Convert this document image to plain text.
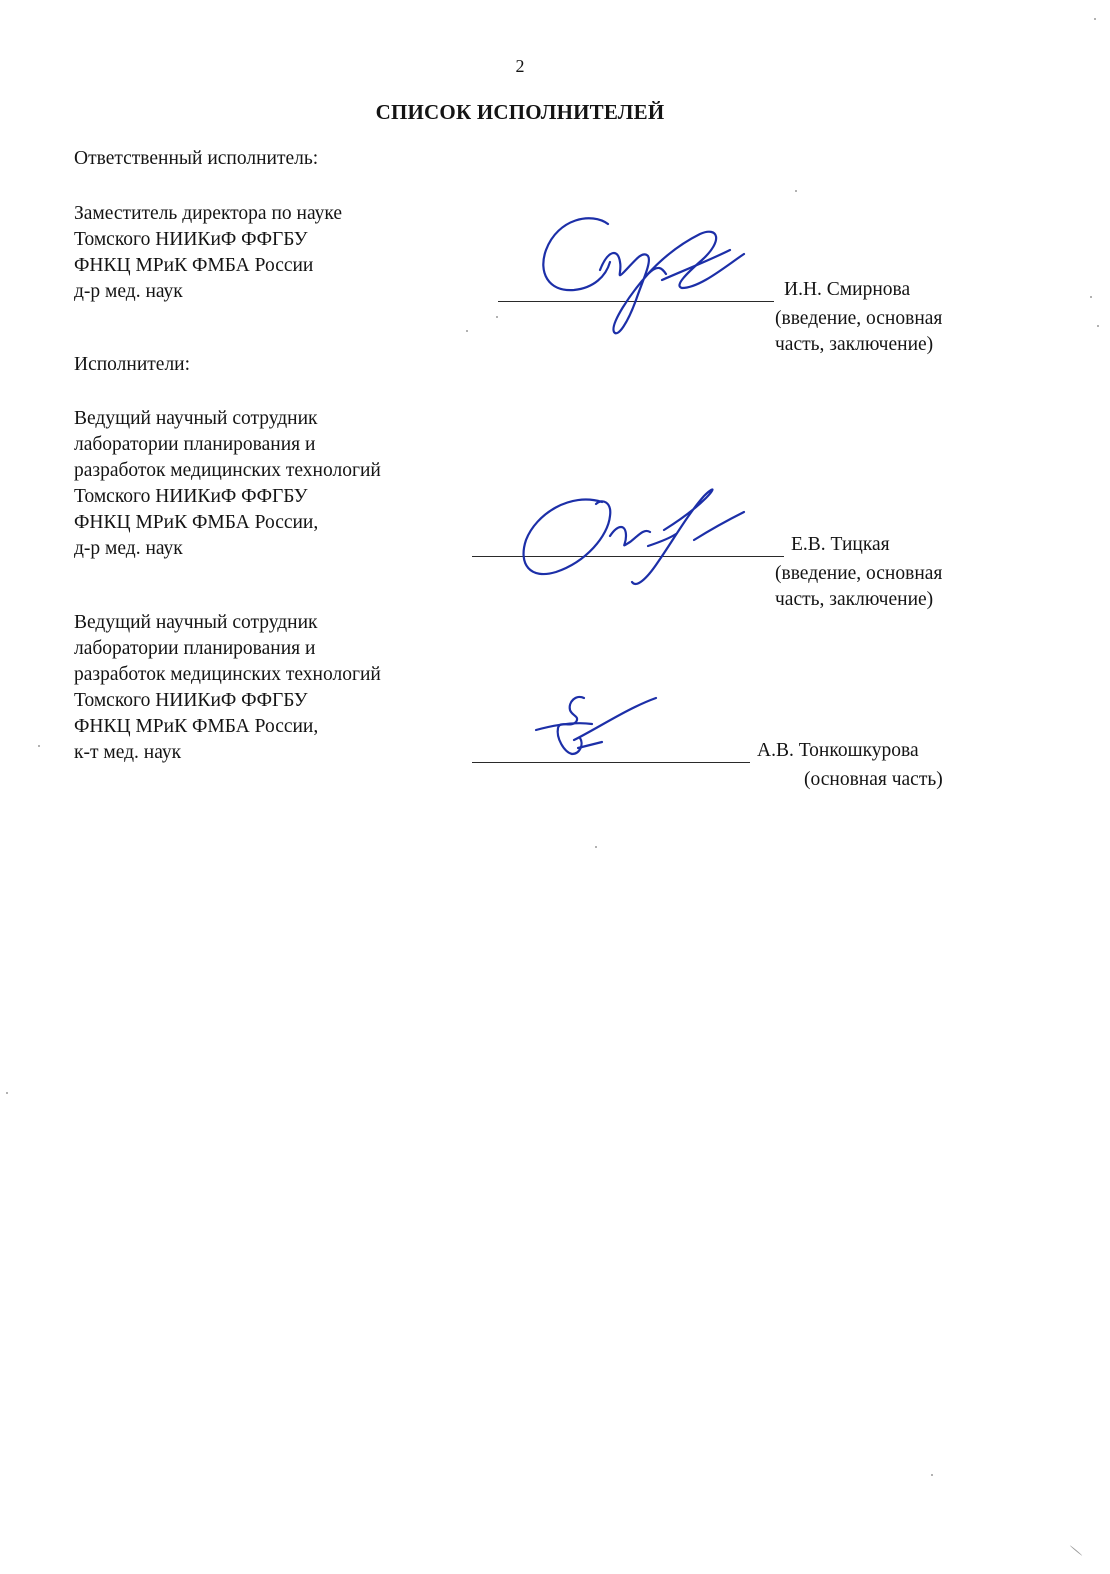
2
СПИСОК ИСПОЛНИТЕЛЕЙ
Ответственный исполнитель:
Заместитель директора по науке
Томского НИИКиФ ФФГБУ
ФНКЦ МРиК ФМБА России
д-р мед. наук	И.Н. Смирнова
(введение, основная
часть, заключение)
Исполнители:
Ведущий научный сотрудник
лаборатории планирования и
разработок медицинских технологий
Томского НИИКиФ ФФГБУ
ФНКЦ МРиК ФМБА России,
д-р мед. наук	Е.В. Тицкая
(введение, основная
часть, заключение)
Ведущий научный сотрудник
лаборатории планирования и
разработок медицинских технологий
Томского НИИКиФ ФФГБУ
ФНКЦ МРиК ФМБА России,
к-т мед. наук	А.В. Тонкошкурова
(основная часть)
